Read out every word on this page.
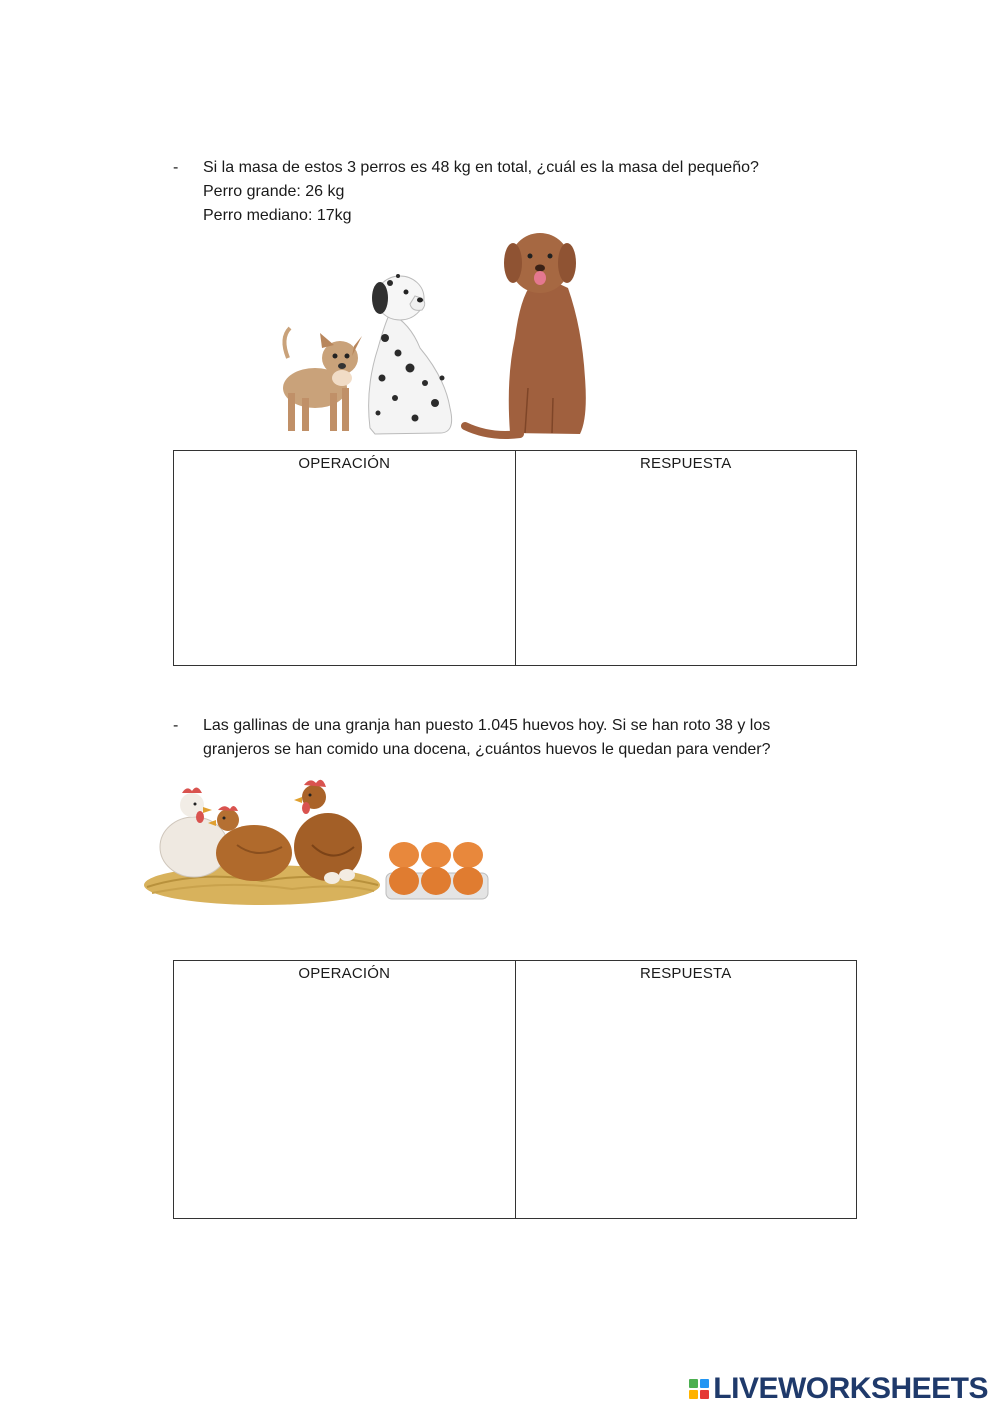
-	Si la masa de estos 3 perros es 48 kg en total, ¿cuál es la masa del pequeño?
Perro grande: 26 kg
Perro mediano: 17kg
OPERACIÓN	RESPUESTA
-	Las gallinas de una granja han puesto 1.045 huevos hoy. Si se han roto 38 y los
granjeros se han comido una docena, ¿cuántos huevos le quedan para vender?
OPERACIÓN	RESPUESTA
LIVEWORKSHEETS
